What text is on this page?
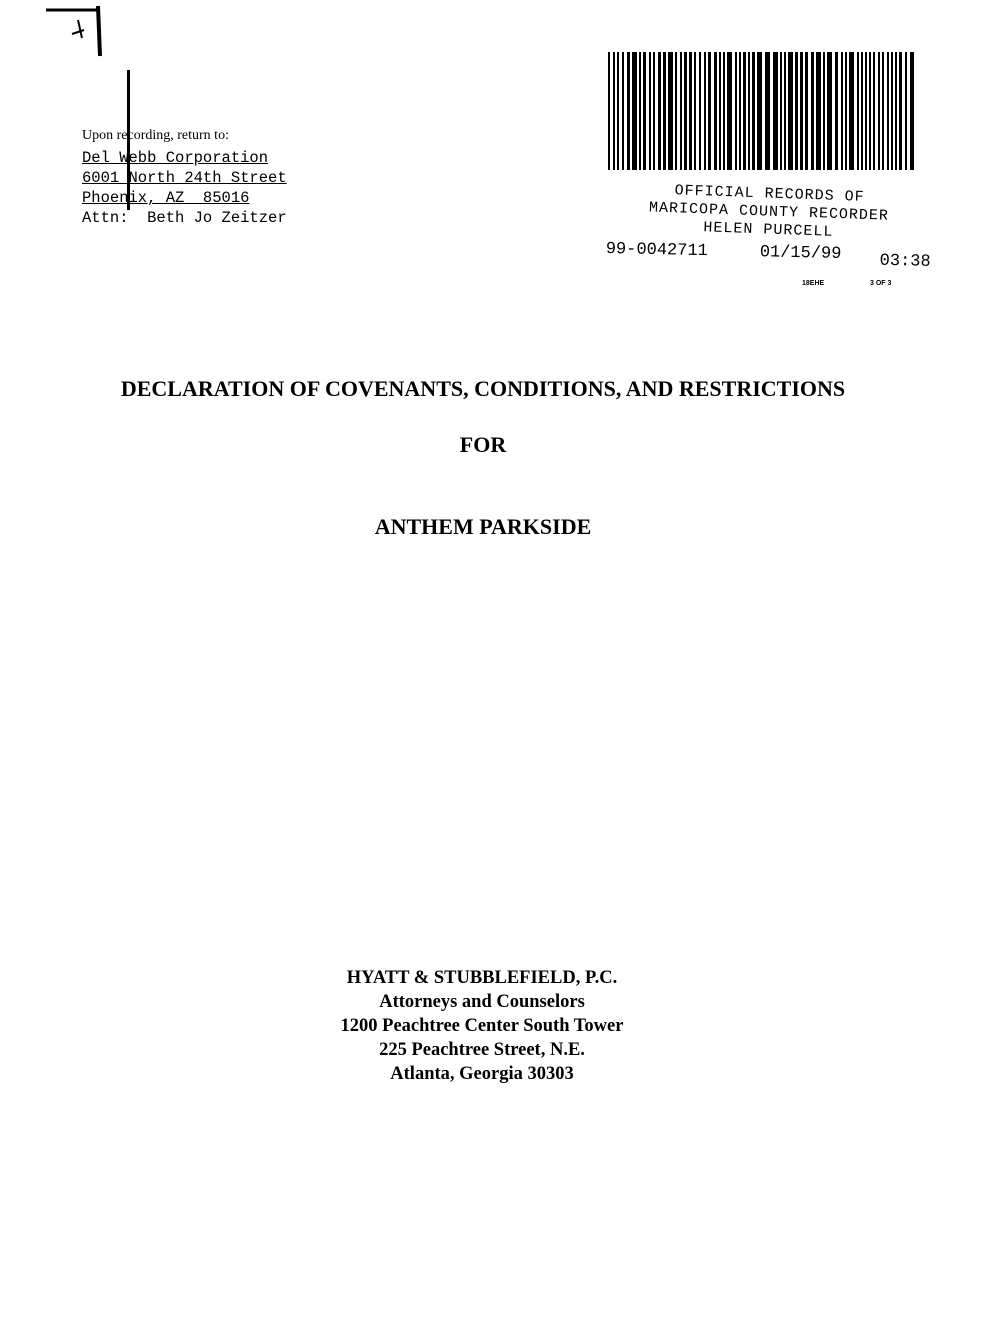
Upon recording, return to:
Del Webb Corporation
6001 North 24th Street
Phoenix, AZ  85016
Attn:  Beth Jo Zeitzer
OFFICIAL RECORDS OF
MARICOPA COUNTY RECORDER
HELEN PURCELL
99-0042711	01/15/99 03:38
18EHE	3 OF 3
DECLARATION OF COVENANTS, CONDITIONS, AND RESTRICTIONS
FOR
ANTHEM PARKSIDE
HYATT & STUBBLEFIELD, P.C.
Attorneys and Counselors
1200 Peachtree Center South Tower
225 Peachtree Street, N.E.
Atlanta, Georgia 30303
